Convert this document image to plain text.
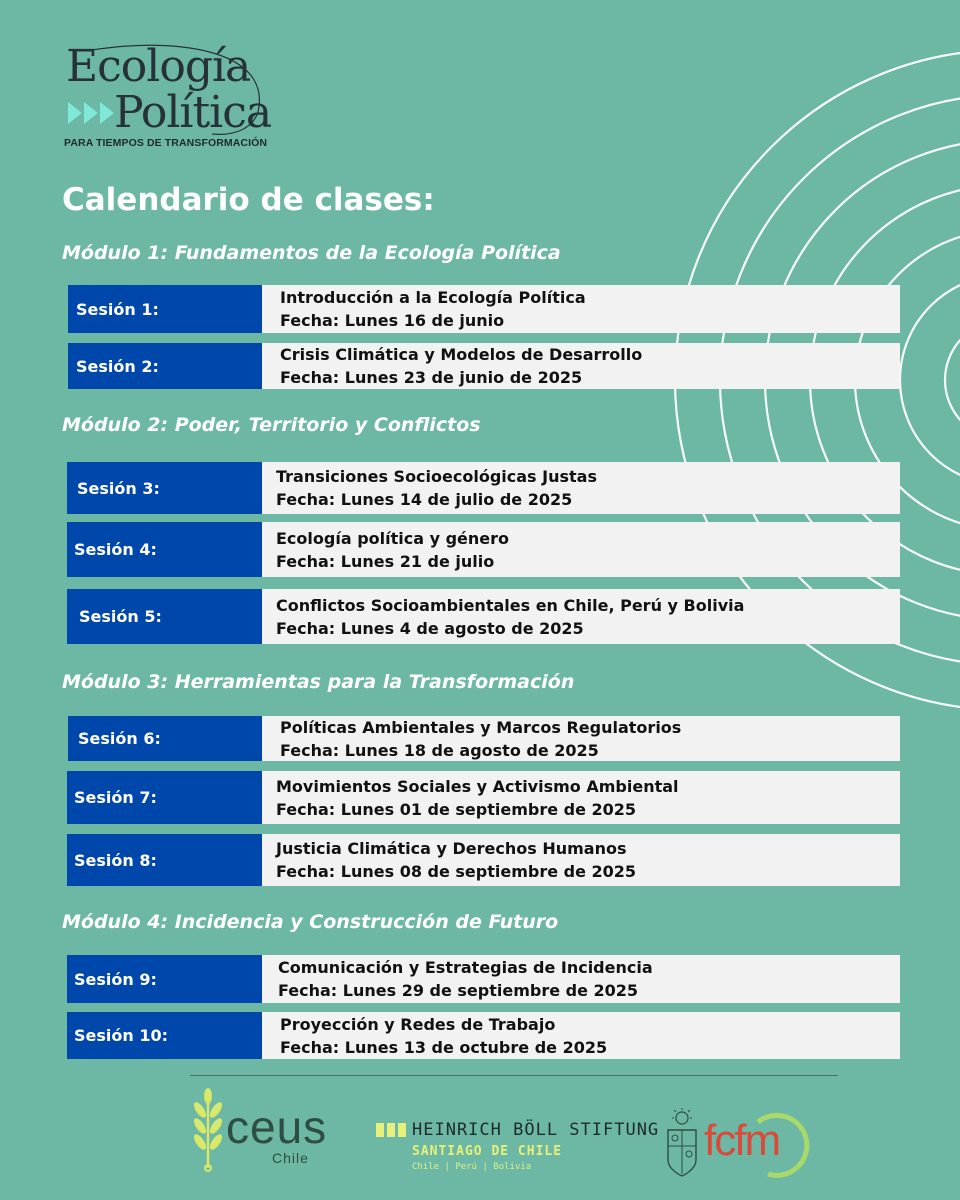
Ecología
Política
PARA TIEMPOS DE TRANSFORMACIÓN
Calendario de clases:
Módulo 1: Fundamentos de la Ecología Política
Sesión 1:
Introducción a la Ecología Política
Fecha: Lunes 16 de junio
Sesión 2:
Crisis Climática y Modelos de Desarrollo
Fecha: Lunes 23 de junio de 2025
Módulo 2: Poder, Territorio y Conflictos
Sesión 3:
Transiciones Socioecológicas Justas
Fecha: Lunes 14 de julio de 2025
Sesión 4:
Ecología política y género
Fecha: Lunes 21 de julio
Sesión 5:
Conflictos Socioambientales en Chile, Perú y Bolivia
Fecha: Lunes 4 de agosto de 2025
Módulo 3: Herramientas para la Transformación
Sesión 6:
Políticas Ambientales y Marcos Regulatorios
Fecha: Lunes 18 de agosto de 2025
Sesión 7:
Movimientos Sociales y Activismo Ambiental
Fecha: Lunes 01 de septiembre de 2025
Sesión 8:
Justicia Climática y Derechos Humanos
Fecha: Lunes 08 de septiembre de 2025
Módulo 4: Incidencia y Construcción de Futuro
Sesión 9:
Comunicación y Estrategias de Incidencia
Fecha: Lunes 29 de septiembre de 2025
Sesión 10:
Proyección y Redes de Trabajo
Fecha: Lunes 13 de octubre de 2025
ceus
Chile
HEINRICH BÖLL STIFTUNG
SANTIAGO DE CHILE
Chile | Perú | Bolivia
fcfm
